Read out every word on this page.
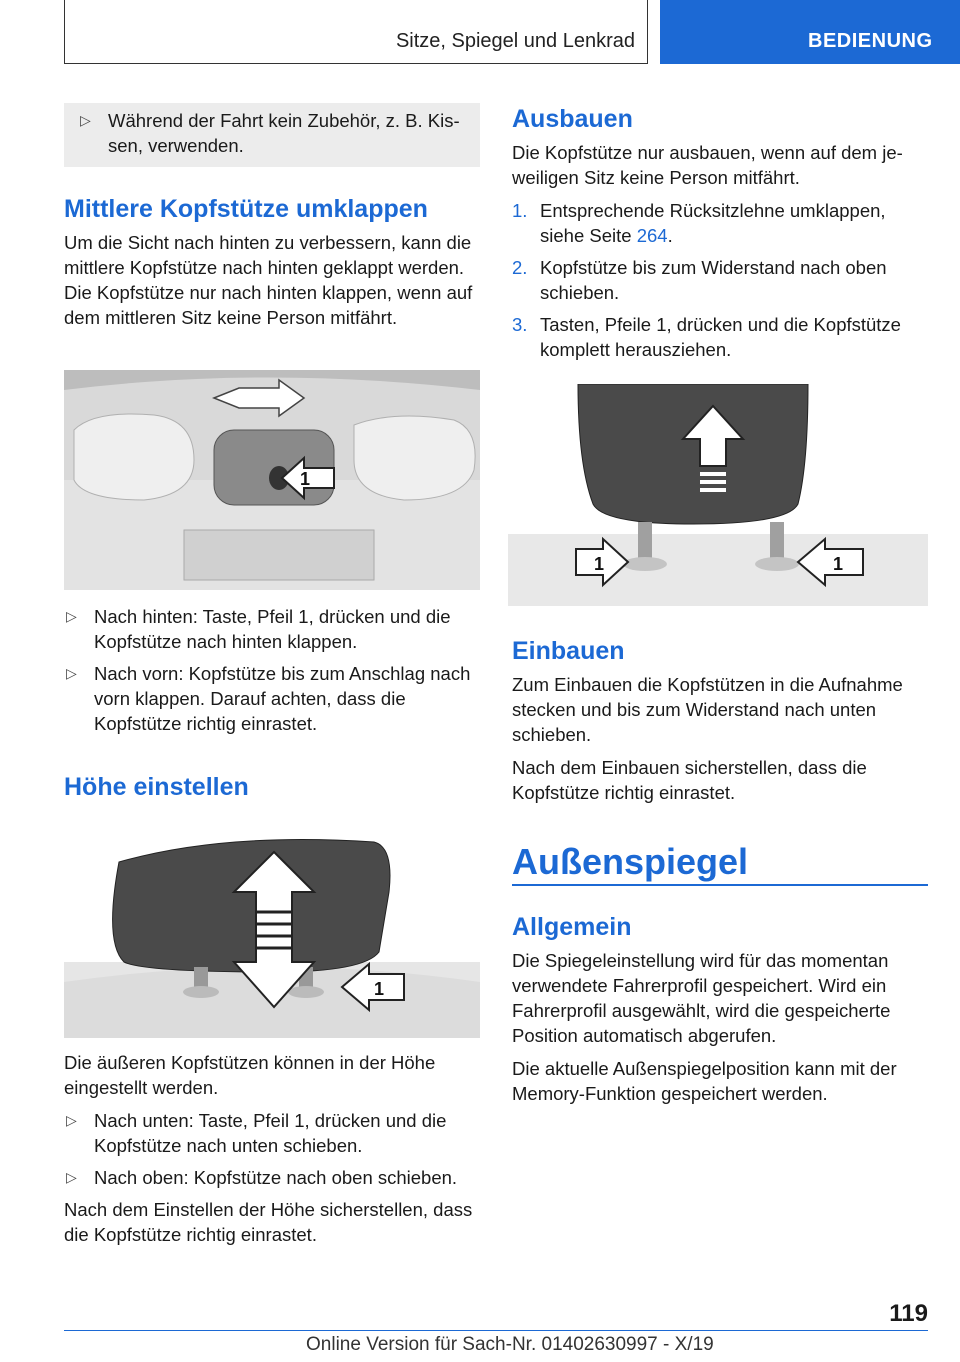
Sitze, Spiegel und Lenkrad	BEDIENUNG
▷ Während der Fahrt kein Zubehör, z. B. Kissen, verwenden.
Mittlere Kopfstütze umklappen

Um die Sicht nach hinten zu verbessern, kann die mittlere Kopfstütze nach hinten geklappt werden. Die Kopfstütze nur nach hinten klappen, wenn auf dem mittleren Sitz keine Person mitfährt.

1
▷ Nach hinten: Taste, Pfeil 1, drücken und die Kopfstütze nach hinten klappen.
▷ Nach vorn: Kopfstütze bis zum Anschlag nach vorn klappen. Darauf achten, dass die Kopfstütze richtig einrastet.
Höhe einstellen
1

Die äußeren Kopfstützen können in der Höhe eingestellt werden.

▷ Nach unten: Taste, Pfeil 1, drücken und die Kopfstütze nach unten schieben.
▷ Nach oben: Kopfstütze nach oben schieben.

Nach dem Einstellen der Höhe sicherstellen, dass die Kopfstütze richtig einrastet.

Ausbauen

Die Kopfstütze nur ausbauen, wenn auf dem jeweiligen Sitz keine Person mitfährt.

1. Entsprechende Rücksitzlehne umklappen, siehe Seite 264.
2. Kopfstütze bis zum Widerstand nach oben schieben.
3. Tasten, Pfeile 1, drücken und die Kopfstütze komplett herausziehen.
1	1
Einbauen

Zum Einbauen die Kopfstützen in die Aufnahme stecken und bis zum Widerstand nach unten schieben.

Nach dem Einbauen sicherstellen, dass die Kopfstütze richtig einrastet.

Außenspiegel
Allgemein

Die Spiegeleinstellung wird für das momentan verwendete Fahrerprofil gespeichert. Wird ein Fahrerprofil ausgewählt, wird die gespeicherte Position automatisch abgerufen.

Die aktuelle Außenspiegelposition kann mit der Memory-Funktion gespeichert werden.

119
Online Version für Sach-Nr. 01402630997 - X/19
